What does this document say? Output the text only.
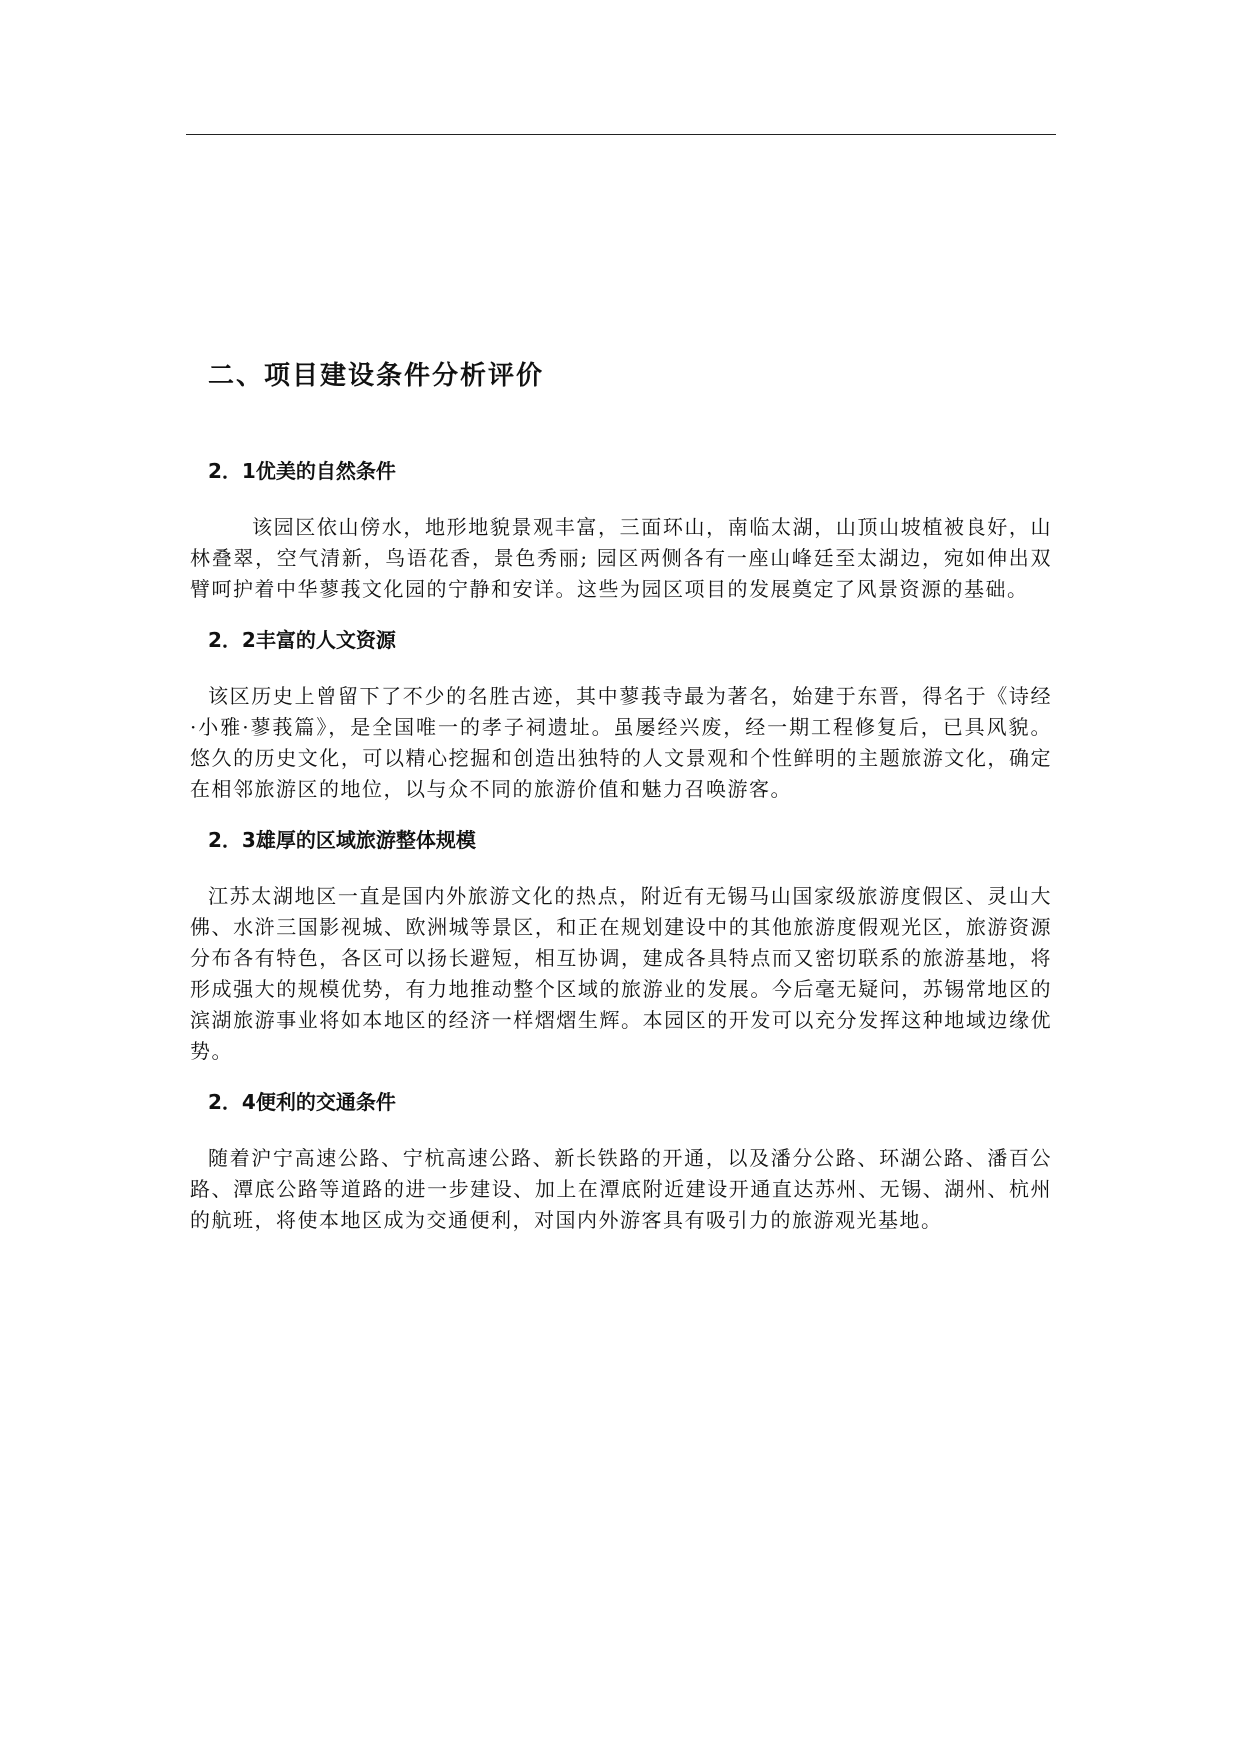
二、项目建设条件分析评价
2．1优美的自然条件

该园区依山傍水，地形地貌景观丰富，三面环山，南临太湖，山顶山坡植被良好，山林叠翠，空气清新，鸟语花香，景色秀丽; 园区两侧各有一座山峰廷至太湖边，宛如伸出双臂呵护着中华蓼莪文化园的宁静和安详。这些为园区项目的发展奠定了风景资源的基础。

2．2丰富的人文资源

该区历史上曾留下了不少的名胜古迹，其中蓼莪寺最为著名，始建于东晋，得名于《诗经·小雅·蓼莪篇》，是全国唯一的孝子祠遗址。虽屡经兴废，经一期工程修复后，已具风貌。悠久的历史文化，可以精心挖掘和创造出独特的人文景观和个性鲜明的主题旅游文化，确定在相邻旅游区的地位，以与众不同的旅游价值和魅力召唤游客。

2．3雄厚的区域旅游整体规模

江苏太湖地区一直是国内外旅游文化的热点，附近有无锡马山国家级旅游度假区、灵山大佛、水浒三国影视城、欧洲城等景区，和正在规划建设中的其他旅游度假观光区，旅游资源分布各有特色，各区可以扬长避短，相互协调，建成各具特点而又密切联系的旅游基地，将形成强大的规模优势，有力地推动整个区域的旅游业的发展。今后毫无疑问，苏锡常地区的滨湖旅游事业将如本地区的经济一样熠熠生辉。本园区的开发可以充分发挥这种地域边缘优势。

2．4便利的交通条件

随着沪宁高速公路、宁杭高速公路、新长铁路的开通，以及潘分公路、环湖公路、潘百公路、潭底公路等道路的进一步建设、加上在潭底附近建设开通直达苏州、无锡、湖州、杭州的航班，将使本地区成为交通便利，对国内外游客具有吸引力的旅游观光基地。
